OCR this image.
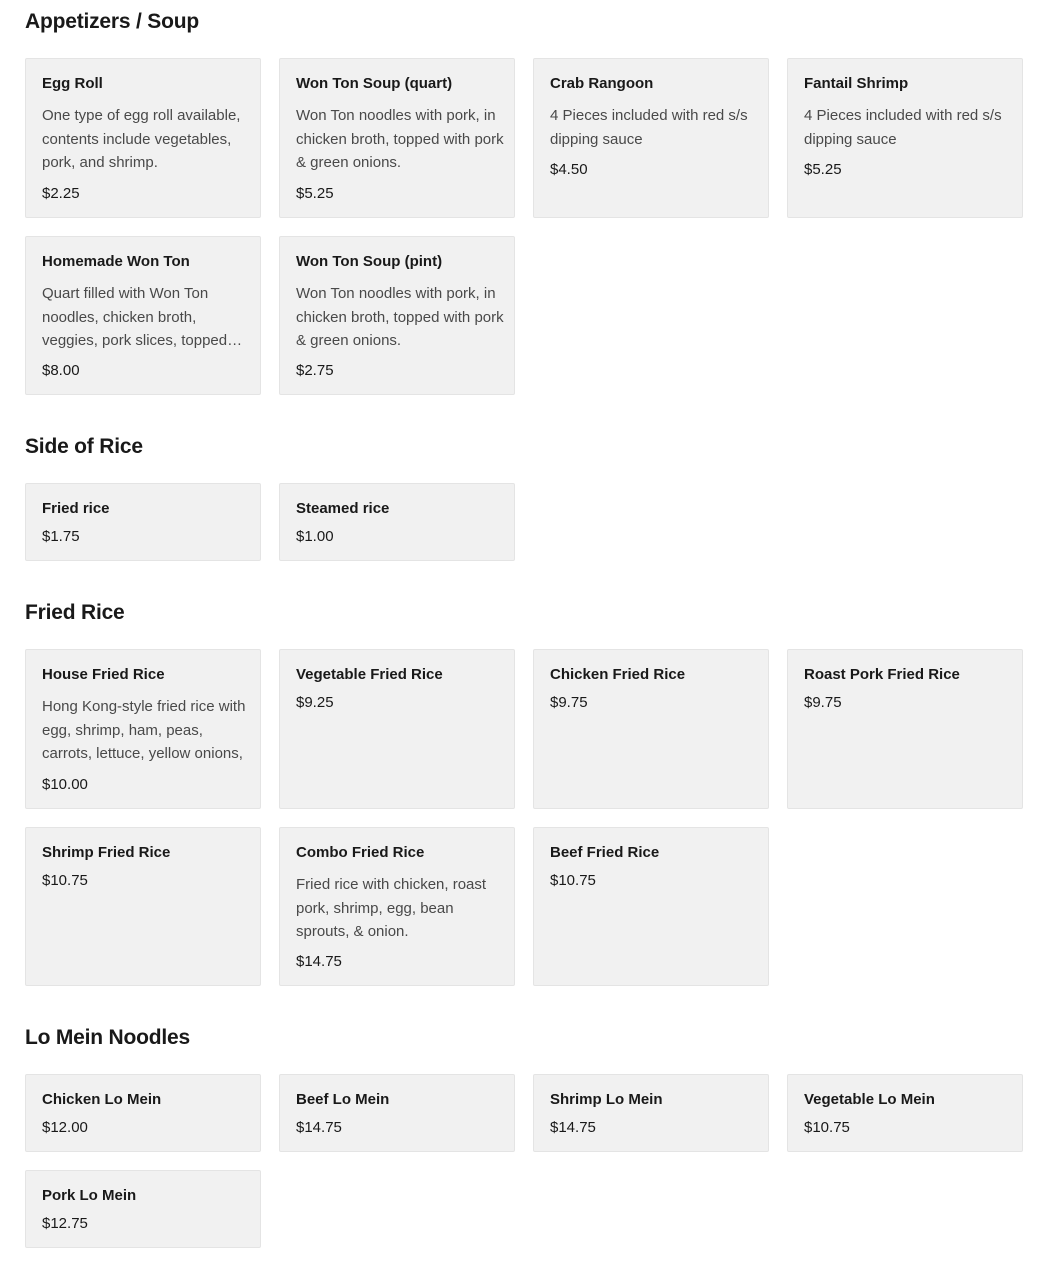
Appetizers / Soup
Egg Roll
One type of egg roll available, contents include vegetables, pork, and shrimp.
$2.25
Won Ton Soup (quart)
Won Ton noodles with pork, in chicken broth, topped with pork & green onions.
$5.25
Crab Rangoon
4 Pieces included with red s/s dipping sauce
$4.50
Fantail Shrimp
4 Pieces included with red s/s dipping sauce
$5.25
Homemade Won Ton
Quart filled with Won Ton noodles, chicken broth, veggies, pork slices, topped…
$8.00
Won Ton Soup (pint)
Won Ton noodles with pork, in chicken broth, topped with pork & green onions.
$2.75
Side of Rice
Fried rice
$1.75
Steamed rice
$1.00
Fried Rice
House Fried Rice
Hong Kong-style fried rice with egg, shrimp, ham, peas, carrots, lettuce, yellow onions,
$10.00
Vegetable Fried Rice
$9.25
Chicken Fried Rice
$9.75
Roast Pork Fried Rice
$9.75
Shrimp Fried Rice
$10.75
Combo Fried Rice
Fried rice with chicken, roast pork, shrimp, egg, bean sprouts, & onion.
$14.75
Beef Fried Rice
$10.75
Lo Mein Noodles
Chicken Lo Mein
$12.00
Beef Lo Mein
$14.75
Shrimp Lo Mein
$14.75
Vegetable Lo Mein
$10.75
Pork Lo Mein
$12.75
